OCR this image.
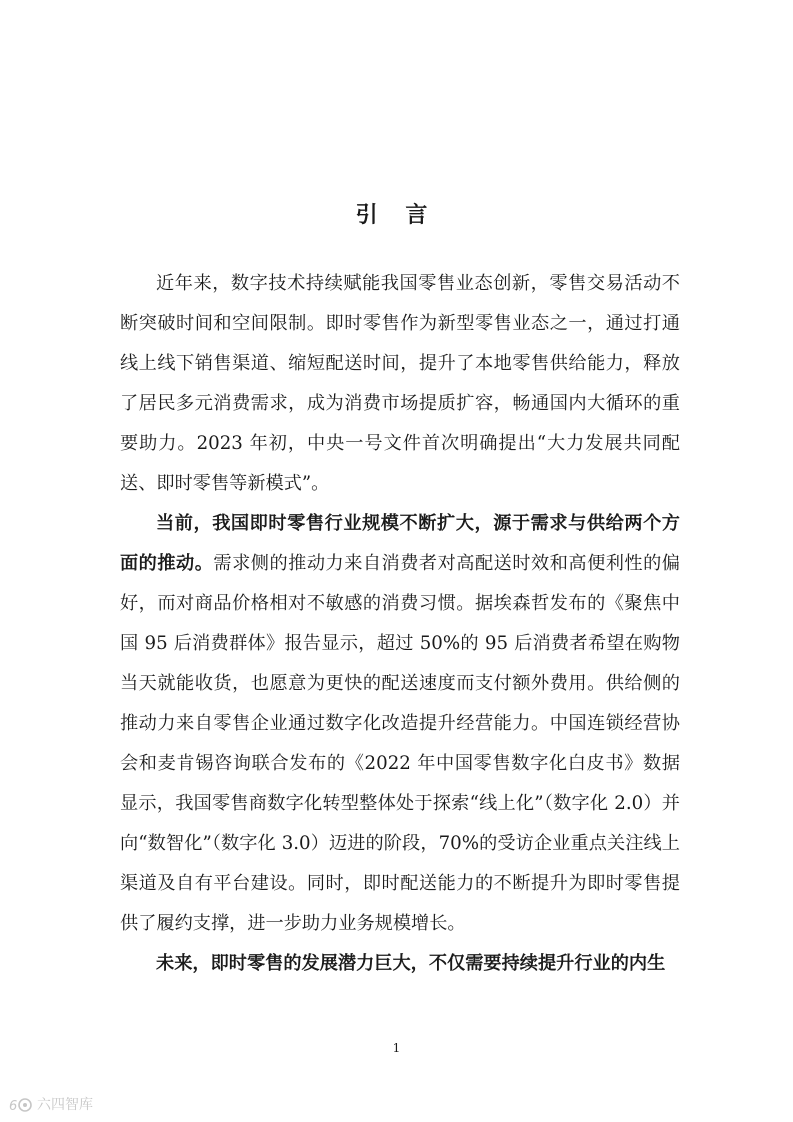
引 言

近年来，数字技术持续赋能我国零售业态创新，零售交易活动不断突破时间和空间限制。即时零售作为新型零售业态之一，通过打通线上线下销售渠道、缩短配送时间，提升了本地零售供给能力，释放了居民多元消费需求，成为消费市场提质扩容，畅通国内大循环的重要助力。2023 年初，中央一号文件首次明确提出“大力发展共同配送、即时零售等新模式”。

当前，我国即时零售行业规模不断扩大，源于需求与供给两个方面的推动。需求侧的推动力来自消费者对高配送时效和高便利性的偏好，而对商品价格相对不敏感的消费习惯。据埃森哲发布的《聚焦中国 95 后消费群体》报告显示，超过 50%的 95 后消费者希望在购物当天就能收货，也愿意为更快的配送速度而支付额外费用。供给侧的推动力来自零售企业通过数字化改造提升经营能力。中国连锁经营协会和麦肯锡咨询联合发布的《2022 年中国零售数字化白皮书》数据显示，我国零售商数字化转型整体处于探索“线上化”（数字化 2.0）并向“数智化”（数字化 3.0）迈进的阶段，70%的受访企业重点关注线上渠道及自有平台建设。同时，即时配送能力的不断提升为即时零售提供了履约支撑，进一步助力业务规模增长。

未来，即时零售的发展潜力巨大，不仅需要持续提升行业的内生

1
6 六四智库
